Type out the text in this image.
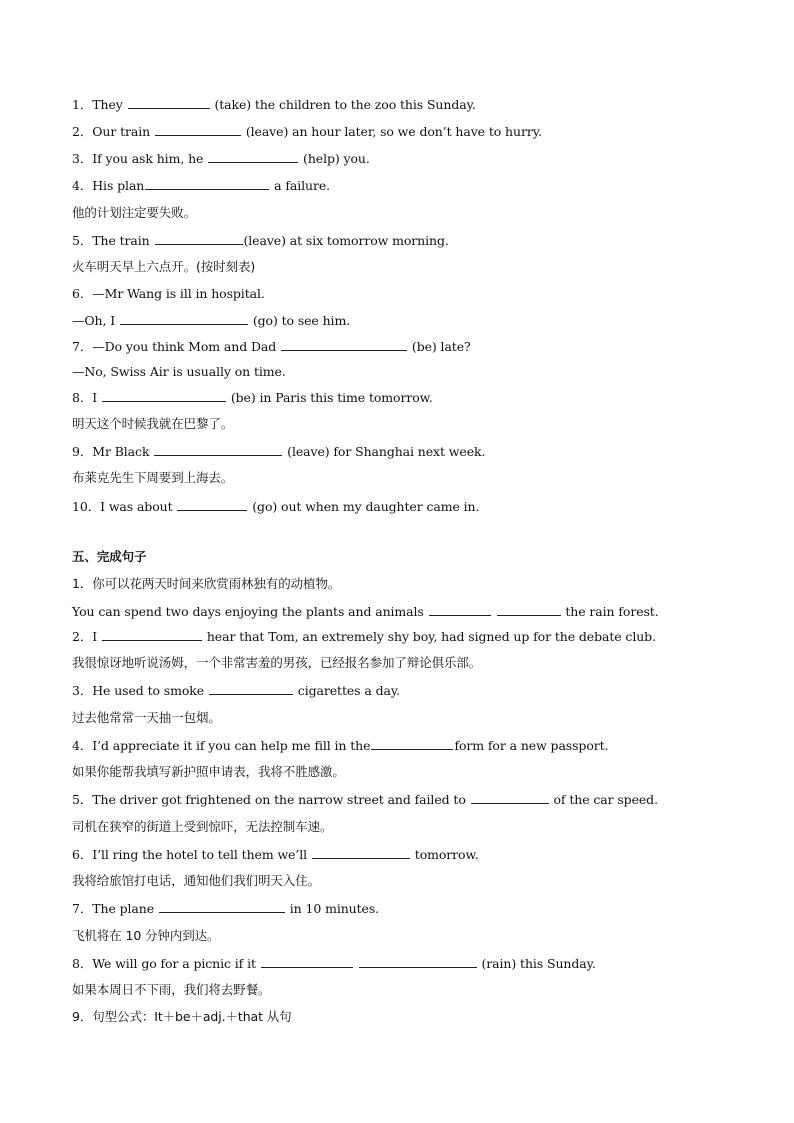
1．They	(take) the children to the zoo this Sunday.
2．Our train	(leave) an hour later, so we don’t have to hurry.
3．If you ask him, he	(help) you.
4．His plan	a failure.
他的计划注定要失败。
5．The train	(leave) at six tomorrow morning.
火车明天早上六点开。(按时刻表)
6．—Mr Wang is ill in hospital.
—Oh, I	(go) to see him.
7．—Do you think Mom and Dad	(be) late?
—No, Swiss Air is usually on time.
8．I	(be) in Paris this time tomorrow.
明天这个时候我就在巴黎了。
9．Mr Black	(leave) for Shanghai next week.
布莱克先生下周要到上海去。
10．I was about	(go) out when my daughter came in.
五、完成句子
1．你可以花两天时间来欣赏雨林独有的动植物。
You can spend two days enjoying the plants and animals	the rain forest.
2．I	hear that Tom, an extremely shy boy, had signed up for the debate club.
我很惊讶地听说汤姆，一个非常害羞的男孩，已经报名参加了辩论俱乐部。
3．He used to smoke	cigarettes a day.
过去他常常一天抽一包烟。
4．I’d appreciate it if you can help me fill in the	form for a new passport.
如果你能帮我填写新护照申请表，我将不胜感激。
5．The driver got frightened on the narrow street and failed to	of the car speed.
司机在狭窄的街道上受到惊吓，无法控制车速。
6．I’ll ring the hotel to tell them we’ll	tomorrow.
我将给旅馆打电话，通知他们我们明天入住。
7．The plane	in 10 minutes.
飞机将在 10 分钟内到达。
8．We will go for a picnic if it	(rain) this Sunday.
如果本周日不下雨，我们将去野餐。
9．句型公式：It＋be＋adj.＋that 从句
